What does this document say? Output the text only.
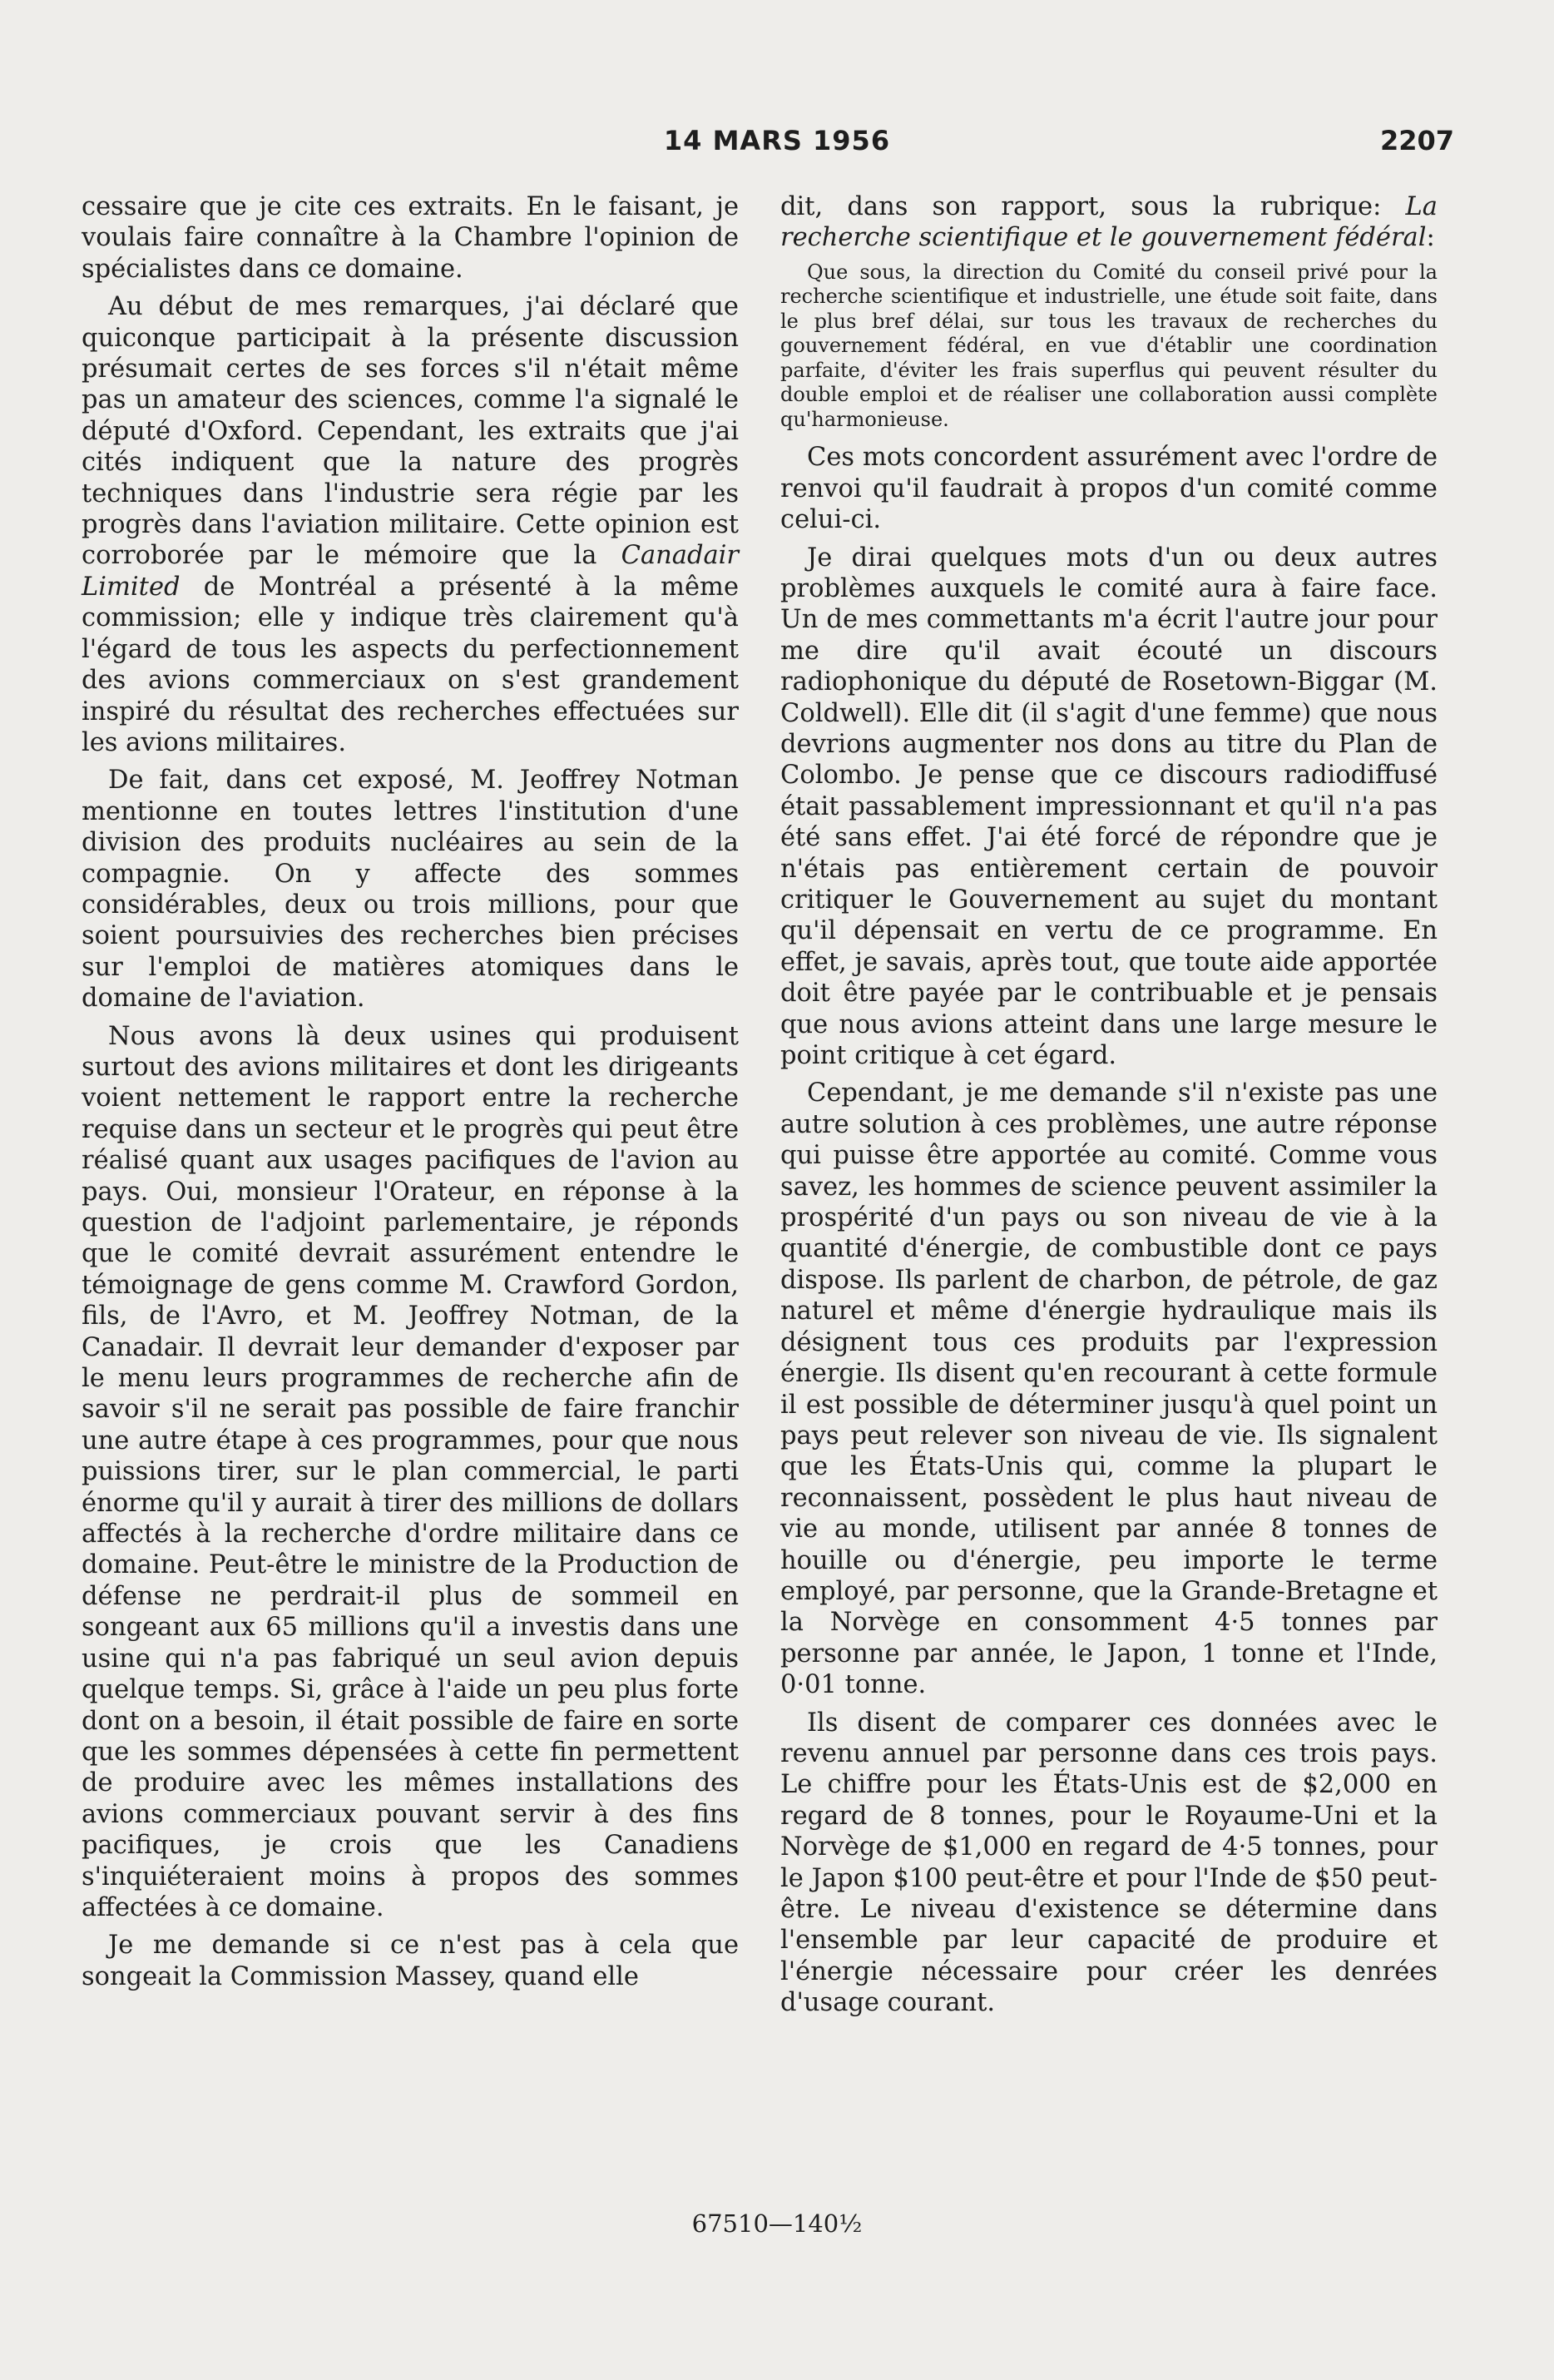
14 MARS 1956	2207

cessaire que je cite ces extraits. En le faisant, je voulais faire connaître à la Chambre l'opinion de spécialistes dans ce domaine.

Au début de mes remarques, j'ai déclaré que quiconque participait à la présente discussion présumait certes de ses forces s'il n'était même pas un amateur des sciences, comme l'a signalé le député d'Oxford. Cependant, les extraits que j'ai cités indiquent que la nature des progrès techniques dans l'industrie sera régie par les progrès dans l'aviation militaire. Cette opinion est corroborée par le mémoire que la Canadair Limited de Montréal a présenté à la même commission; elle y indique très clairement qu'à l'égard de tous les aspects du perfectionnement des avions commerciaux on s'est grandement inspiré du résultat des recherches effectuées sur les avions militaires.

De fait, dans cet exposé, M. Jeoffrey Notman mentionne en toutes lettres l'institution d'une division des produits nucléaires au sein de la compagnie. On y affecte des sommes considérables, deux ou trois millions, pour que soient poursuivies des recherches bien précises sur l'emploi de matières atomiques dans le domaine de l'aviation.

Nous avons là deux usines qui produisent surtout des avions militaires et dont les dirigeants voient nettement le rapport entre la recherche requise dans un secteur et le progrès qui peut être réalisé quant aux usages pacifiques de l'avion au pays. Oui, monsieur l'Orateur, en réponse à la question de l'adjoint parlementaire, je réponds que le comité devrait assurément entendre le témoignage de gens comme M. Crawford Gordon, fils, de l'Avro, et M. Jeoffrey Notman, de la Canadair. Il devrait leur demander d'exposer par le menu leurs programmes de recherche afin de savoir s'il ne serait pas possible de faire franchir une autre étape à ces programmes, pour que nous puissions tirer, sur le plan commercial, le parti énorme qu'il y aurait à tirer des millions de dollars affectés à la recherche d'ordre militaire dans ce domaine. Peut-être le ministre de la Production de défense ne perdrait-il plus de sommeil en songeant aux 65 millions qu'il a investis dans une usine qui n'a pas fabriqué un seul avion depuis quelque temps. Si, grâce à l'aide un peu plus forte dont on a besoin, il était possible de faire en sorte que les sommes dépensées à cette fin permettent de produire avec les mêmes installations des avions commerciaux pouvant servir à des fins pacifiques, je crois que les Canadiens s'inquiéteraient moins à propos des sommes affectées à ce domaine.

Je me demande si ce n'est pas à cela que songeait la Commission Massey, quand elle

dit, dans son rapport, sous la rubrique: La recherche scientifique et le gouvernement fédéral:

Que sous, la direction du Comité du conseil privé pour la recherche scientifique et industrielle, une étude soit faite, dans le plus bref délai, sur tous les travaux de recherches du gouvernement fédéral, en vue d'établir une coordination parfaite, d'éviter les frais superflus qui peuvent résulter du double emploi et de réaliser une collaboration aussi complète qu'harmonieuse.

Ces mots concordent assurément avec l'ordre de renvoi qu'il faudrait à propos d'un comité comme celui-ci.

Je dirai quelques mots d'un ou deux autres problèmes auxquels le comité aura à faire face. Un de mes commettants m'a écrit l'autre jour pour me dire qu'il avait écouté un discours radiophonique du député de Rosetown-Biggar (M. Coldwell). Elle dit (il s'agit d'une femme) que nous devrions augmenter nos dons au titre du Plan de Colombo. Je pense que ce discours radiodiffusé était passablement impressionnant et qu'il n'a pas été sans effet. J'ai été forcé de répondre que je n'étais pas entièrement certain de pouvoir critiquer le Gouvernement au sujet du montant qu'il dépensait en vertu de ce programme. En effet, je savais, après tout, que toute aide apportée doit être payée par le contribuable et je pensais que nous avions atteint dans une large mesure le point critique à cet égard.

Cependant, je me demande s'il n'existe pas une autre solution à ces problèmes, une autre réponse qui puisse être apportée au comité. Comme vous savez, les hommes de science peuvent assimiler la prospérité d'un pays ou son niveau de vie à la quantité d'énergie, de combustible dont ce pays dispose. Ils parlent de charbon, de pétrole, de gaz naturel et même d'énergie hydraulique mais ils désignent tous ces produits par l'expression énergie. Ils disent qu'en recourant à cette formule il est possible de déterminer jusqu'à quel point un pays peut relever son niveau de vie. Ils signalent que les États-Unis qui, comme la plupart le reconnaissent, possèdent le plus haut niveau de vie au monde, utilisent par année 8 tonnes de houille ou d'énergie, peu importe le terme employé, par personne, que la Grande-Bretagne et la Norvège en consomment 4·5 tonnes par personne par année, le Japon, 1 tonne et l'Inde, 0·01 tonne.

Ils disent de comparer ces données avec le revenu annuel par personne dans ces trois pays. Le chiffre pour les États-Unis est de $2,000 en regard de 8 tonnes, pour le Royaume-Uni et la Norvège de $1,000 en regard de 4·5 tonnes, pour le Japon $100 peut-être et pour l'Inde de $50 peut-être. Le niveau d'existence se détermine dans l'ensemble par leur capacité de produire et l'énergie nécessaire pour créer les denrées d'usage courant.

67510—140½
